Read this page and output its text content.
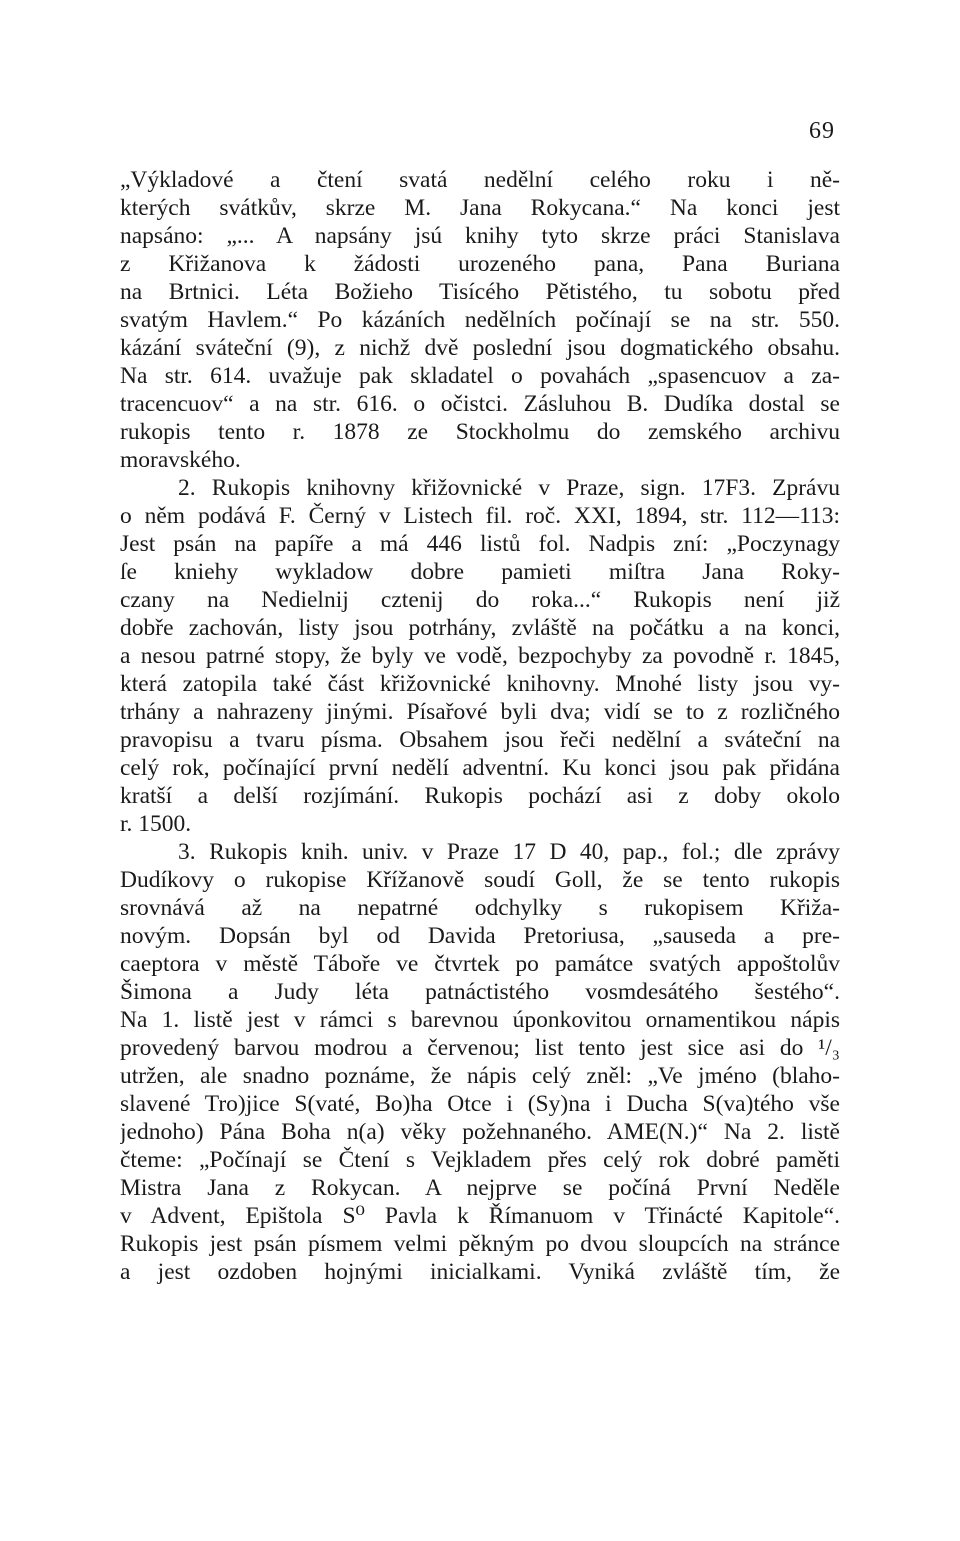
69
„Výkladové a čtení svatá nedělní celého roku i ně-
kterých svátkův, skrze M. Jana Rokycana.“ Na konci jest
napsáno: „... A napsány jsú knihy tyto skrze práci Stanislava
z Křižanova k žádosti urozeného pana, Pana Buriana
na Brtnici. Léta Božieho Tisícého Pětistého, tu sobotu před
svatým Havlem.“ Po kázáních nedělních počínají se na str. 550.
kázání sváteční (9), z nichž dvě poslední jsou dogmatického obsahu.
Na str. 614. uvažuje pak skladatel o povahách „spasencuov a za-
tracencuov“ a na str. 616. o očistci. Zásluhou B. Dudíka dostal se
rukopis tento r. 1878 ze Stockholmu do zemského archivu
moravského.
2. Rukopis knihovny křižovnické v Praze, sign. 17F3. Zprávu
o něm podává F. Černý v Listech fil. roč. XXI, 1894, str. 112—113:
Jest psán na papíře a má 446 listů fol. Nadpis zní: „Poczynagy
ſe kniehy wykladow dobre pamieti miſtra Jana Roky-
czany na Nedielnij cztenij do roka...“ Rukopis není již
dobře zachován, listy jsou potrhány, zvláště na počátku a na konci,
a nesou patrné stopy, že byly ve vodě, bezpochyby za povodně r. 1845,
která zatopila také část křižovnické knihovny. Mnohé listy jsou vy-
trhány a nahrazeny jinými. Písařové byli dva; vidí se to z rozličného
pravopisu a tvaru písma. Obsahem jsou řeči nedělní a sváteční na
celý rok, počínající první nedělí adventní. Ku konci jsou pak přidána
kratší a delší rozjímání. Rukopis pochází asi z doby okolo
r. 1500.
3. Rukopis knih. univ. v Praze 17 D 40, pap., fol.; dle zprávy
Dudíkovy o rukopise Křížanově soudí Goll, že se tento rukopis
srovnává až na nepatrné odchylky s rukopisem Křiža-
novým. Dopsán byl od Davida Pretoriusa, „sauseda a pre-
caeptora v městě Táboře ve čtvrtek po památce svatých appoštolův
Šimona a Judy léta patnáctistého vosmdesátého šestého“.
Na 1. listě jest v rámci s barevnou úponkovitou ornamentikou nápis
provedený barvou modrou a červenou; list tento jest sice asi do ¹/₃
utržen, ale snadno poznáme, že nápis celý zněl: „Ve jméno (blaho-
slavené Tro)jice S(vaté, Bo)ha Otce i (Sy)na i Ducha S(va)tého vše
jednoho) Pána Boha n(a) věky požehnaného. AME(N.)“ Na 2. listě
čteme: „Počínají se Čtení s Vejkladem přes celý rok dobré paměti
Mistra Jana z Rokycan. A nejprve se počíná První Neděle
v Advent, Epištola S⁰ Pavla k Římanuom v Třinácté Kapitole“.
Rukopis jest psán písmem velmi pěkným po dvou sloupcích na stránce
a jest ozdoben hojnými inicialkami. Vyniká zvláště tím, že
